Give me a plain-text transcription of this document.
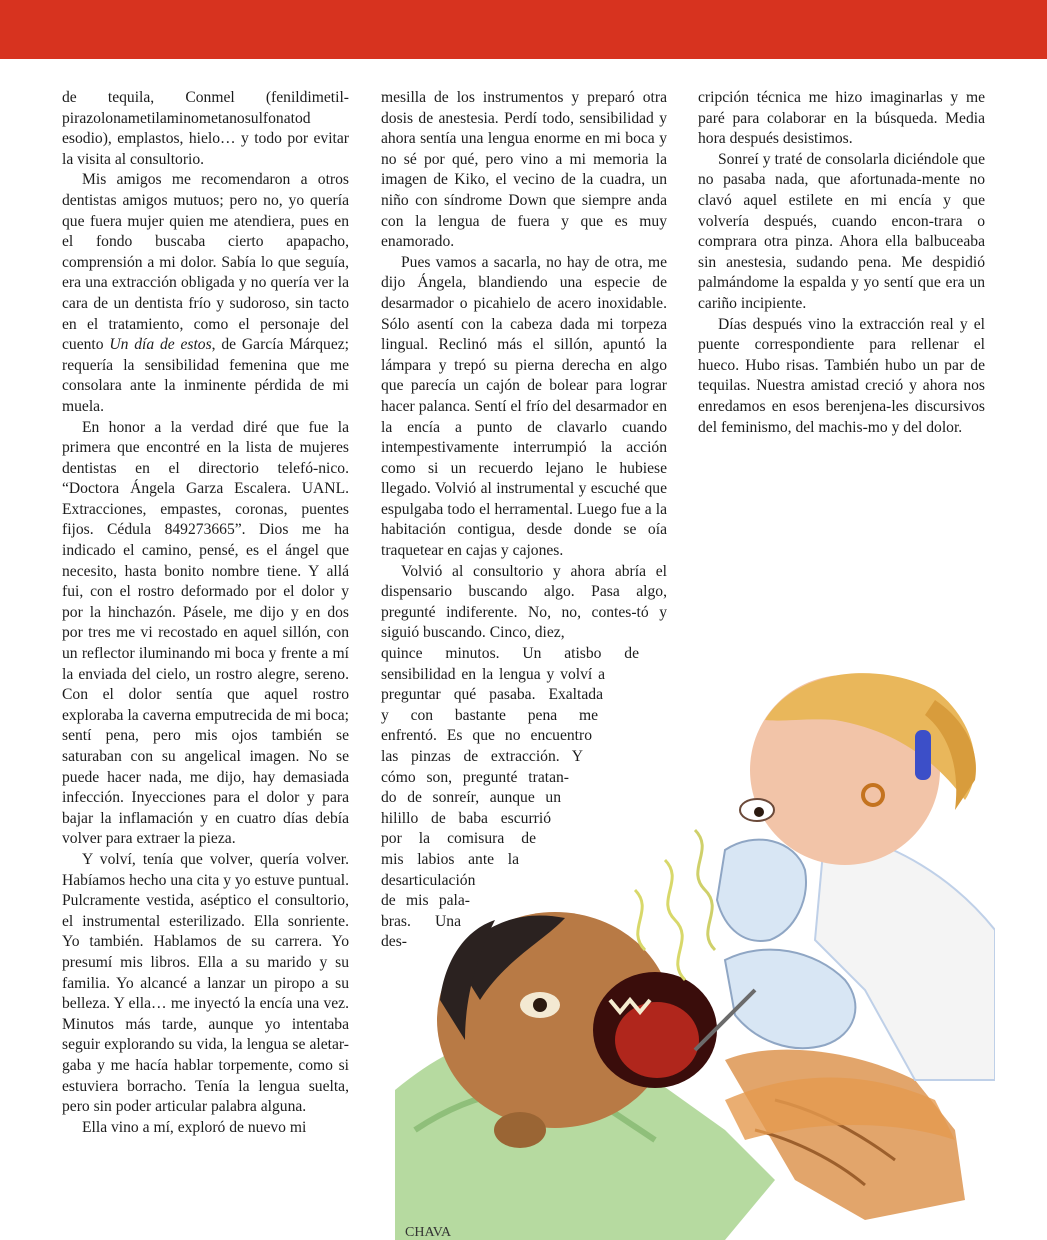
de tequila, Conmel (fenildimetil-pirazolonametilaminometanosulfonatod esodio), emplastos, hielo… y todo por evitar la visita al consultorio.

Mis amigos me recomendaron a otros dentistas amigos mutuos; pero no, yo quería que fuera mujer quien me atendiera, pues en el fondo buscaba cierto apapacho, comprensión a mi dolor. Sabía lo que seguía, era una extracción obligada y no quería ver la cara de un dentista frío y sudoroso, sin tacto en el tratamiento, como el personaje del cuento Un día de estos, de García Márquez; requería la sensibilidad femenina que me consolara ante la inminente pérdida de mi muela.

En honor a la verdad diré que fue la primera que encontré en la lista de mujeres dentistas en el directorio telefó-nico. “Doctora Ángela Garza Escalera. UANL. Extracciones, empastes, coronas, puentes fijos. Cédula 849273665”. Dios me ha indicado el camino, pensé, es el ángel que necesito, hasta bonito nombre tiene. Y allá fui, con el rostro deformado por el dolor y por la hinchazón. Pásele, me dijo y en dos por tres me vi recostado en aquel sillón, con un reflector iluminando mi boca y frente a mí la enviada del cielo, un rostro alegre, sereno. Con el dolor sentía que aquel rostro exploraba la caverna emputrecida de mi boca; sentí pena, pero mis ojos también se saturaban con su angelical imagen. No se puede hacer nada, me dijo, hay demasiada infección. Inyecciones para el dolor y para bajar la inflamación y en cuatro días debía volver para extraer la pieza.

Y volví, tenía que volver, quería volver. Habíamos hecho una cita y yo estuve puntual. Pulcramente vestida, aséptico el consultorio, el instrumental esterilizado. Ella sonriente. Yo también. Hablamos de su carrera. Yo presumí mis libros. Ella a su marido y su familia. Yo alcancé a lanzar un piropo a su belleza. Y ella… me inyectó la encía una vez. Minutos más tarde, aunque yo intentaba seguir explorando su vida, la lengua se aletar-gaba y me hacía hablar torpemente, como si estuviera borracho. Tenía la lengua suelta, pero sin poder articular palabra alguna.

Ella vino a mí, exploró de nuevo mi

mesilla de los instrumentos y preparó otra dosis de anestesia. Perdí todo, sensibilidad y ahora sentía una lengua enorme en mi boca y no sé por qué, pero vino a mi memoria la imagen de Kiko, el vecino de la cuadra, un niño con síndrome Down que siempre anda con la lengua de fuera y que es muy enamorado.

Pues vamos a sacarla, no hay de otra, me dijo Ángela, blandiendo una especie de desarmador o picahielo de acero inoxidable. Sólo asentí con la cabeza dada mi torpeza lingual. Reclinó más el sillón, apuntó la lámpara y trepó su pierna derecha en algo que parecía un cajón de bolear para lograr hacer palanca. Sentí el frío del desarmador en la encía a punto de clavarlo cuando intempestivamente interrumpió la acción como si un recuerdo lejano le hubiese llegado. Volvió al instrumental y escuché que espulgaba todo el herramental. Luego fue a la habitación contigua, desde donde se oía traquetear en cajas y cajones.

Volvió al consultorio y ahora abría el dispensario buscando algo. Pasa algo, pregunté indiferente. No, no, contes-tó y siguió buscando. Cinco, diez,

quince minutos. Un atisbo de
sensibilidad en la lengua y volví a
preguntar qué pasaba. Exaltada
y con bastante pena me
enfrentó. Es que no encuentro
las pinzas de extracción. Y
cómo son, pregunté tratan-
do de sonreír, aunque un
hilillo de baba escurrió
por la comisura de
mis labios ante la
desarticulación
de mis pala-
bras. Una
des-

cripción técnica me hizo imaginarlas y me paré para colaborar en la búsqueda. Media hora después desistimos.

Sonreí y traté de consolarla diciéndole que no pasaba nada, que afortunada-mente no clavó aquel estilete en mi encía y que volvería después, cuando encon-trara o comprara otra pinza. Ahora ella balbuceaba sin anestesia, sudando pena. Me despidió palmándome la espalda y yo sentí que era un cariño incipiente.

Días después vino la extracción real y el puente correspondiente para rellenar el hueco. Hubo risas. También hubo un par de tequilas. Nuestra amistad creció y ahora nos enredamos en esos berenjena-les discursivos del feminismo, del machis-mo y del dolor.

CHAVA
